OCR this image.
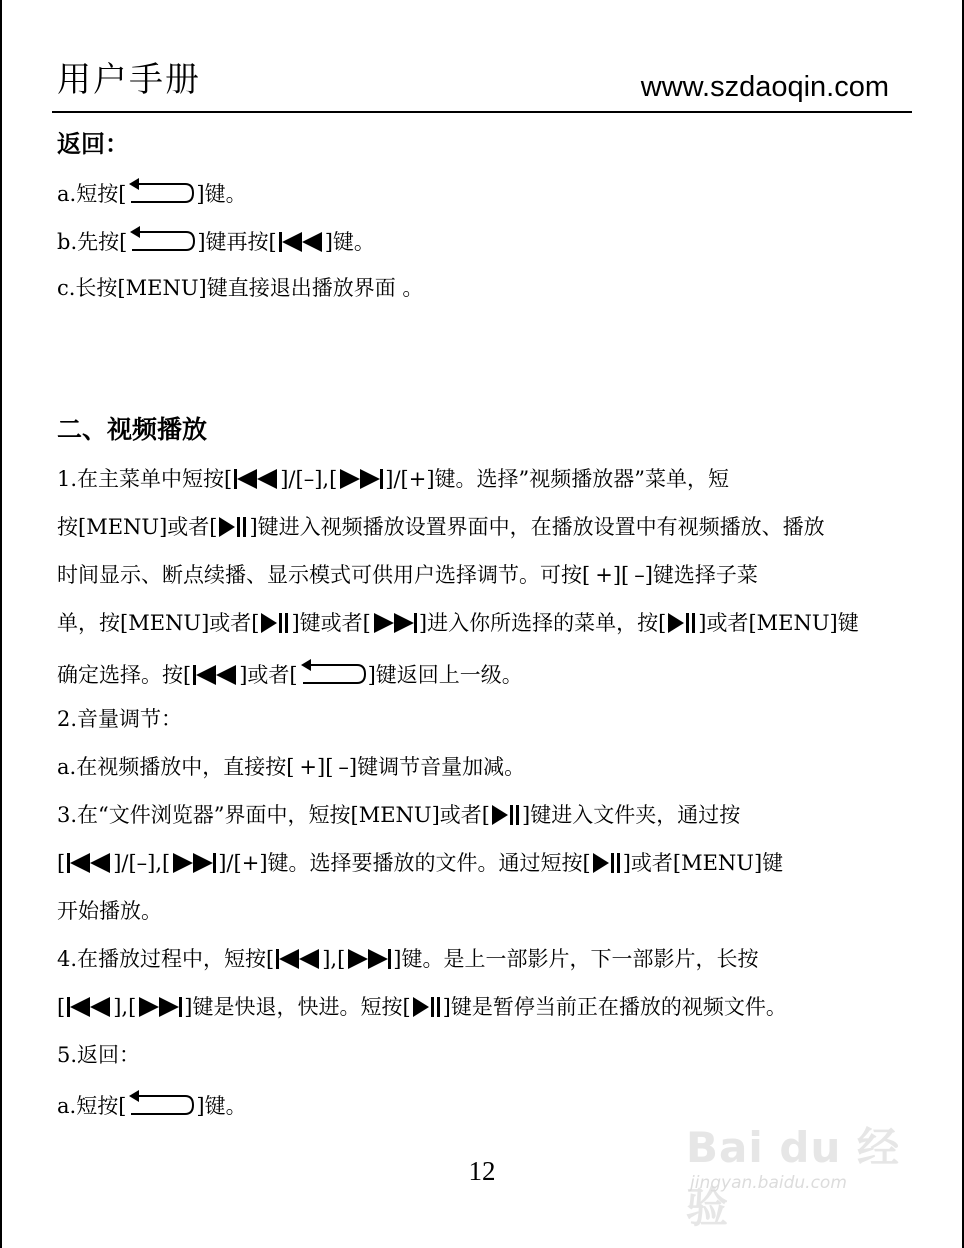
用户手册	www.szdaoqin.com
返回：
a.短按[	]键。
b.先按[	]键再按[ ]键。
c.长按[MENU]键直接退出播放界面 。
二、视频播放
1.在主菜单中短按[ ]/[–],[ ]/[+]键。选择”视频播放器”菜单，短
按[MENU]或者[ ]键进入视频播放设置界面中，在播放设置中有视频播放、播放
时间显示、断点续播、显示模式可供用户选择调节。可按[ +][ –]键选择子菜
单，按[MENU]或者[ ]键或者[ ]进入你所选择的菜单，按[ ]或者[MENU]键
确定选择。按[ ]或者[	]键返回上一级。
2.音量调节：
a.在视频播放中，直接按[ +][ –]键调节音量加减。
3.在“文件浏览器”界面中，短按[MENU]或者[ ]键进入文件夹，通过按
[ ]/[–],[ ]/[+]键。选择要播放的文件。通过短按[ ]或者[MENU]键
开始播放。
4.在播放过程中，短按[ ],[ ]键。是上一部影片，下一部影片，长按
[ ],[ ]键是快退，快进。短按[ ]键是暂停当前正在播放的视频文件。
5.返回：
a.短按[	]键。
12	Bai du 经验
jingyan.baidu.com
